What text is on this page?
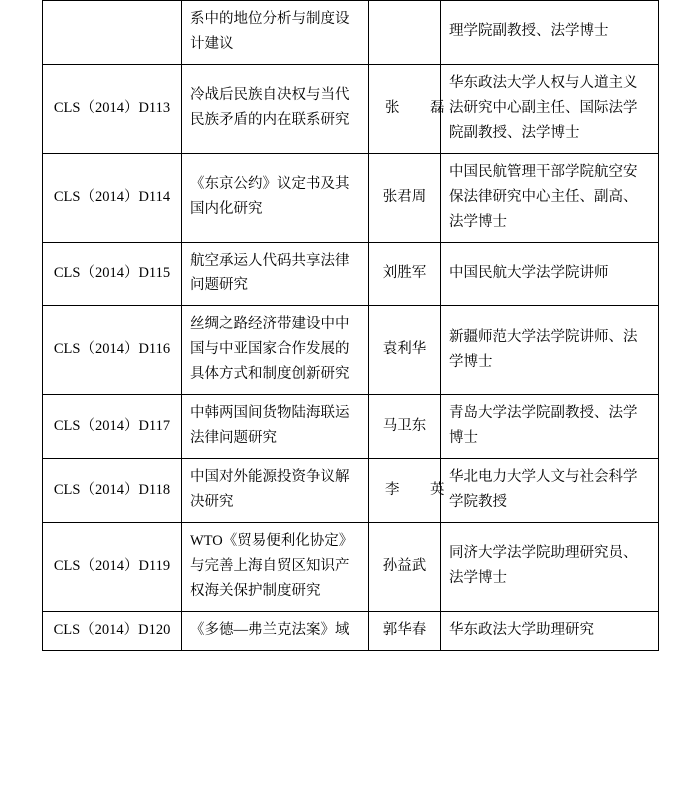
	系中的地位分析与制度设计建议		理学院副教授、法学博士
CLS（2014）D113	冷战后民族自决权与当代民族矛盾的内在联系研究	张　磊	华东政法大学人权与人道主义法研究中心副主任、国际法学院副教授、法学博士
CLS（2014）D114	《东京公约》议定书及其国内化研究	张君周	中国民航管理干部学院航空安保法律研究中心主任、副高、法学博士
CLS（2014）D115	航空承运人代码共享法律问题研究	刘胜军	中国民航大学法学院讲师
CLS（2014）D116	丝绸之路经济带建设中中国与中亚国家合作发展的具体方式和制度创新研究	袁利华	新疆师范大学法学院讲师、法学博士
CLS（2014）D117	中韩两国间货物陆海联运法律问题研究	马卫东	青岛大学法学院副教授、法学博士
CLS（2014）D118	中国对外能源投资争议解决研究	李　英	华北电力大学人文与社会科学学院教授
CLS（2014）D119	WTO《贸易便利化协定》与完善上海自贸区知识产权海关保护制度研究	孙益武	同济大学法学院助理研究员、法学博士
CLS（2014）D120	《多德—弗兰克法案》域	郭华春	华东政法大学助理研究
